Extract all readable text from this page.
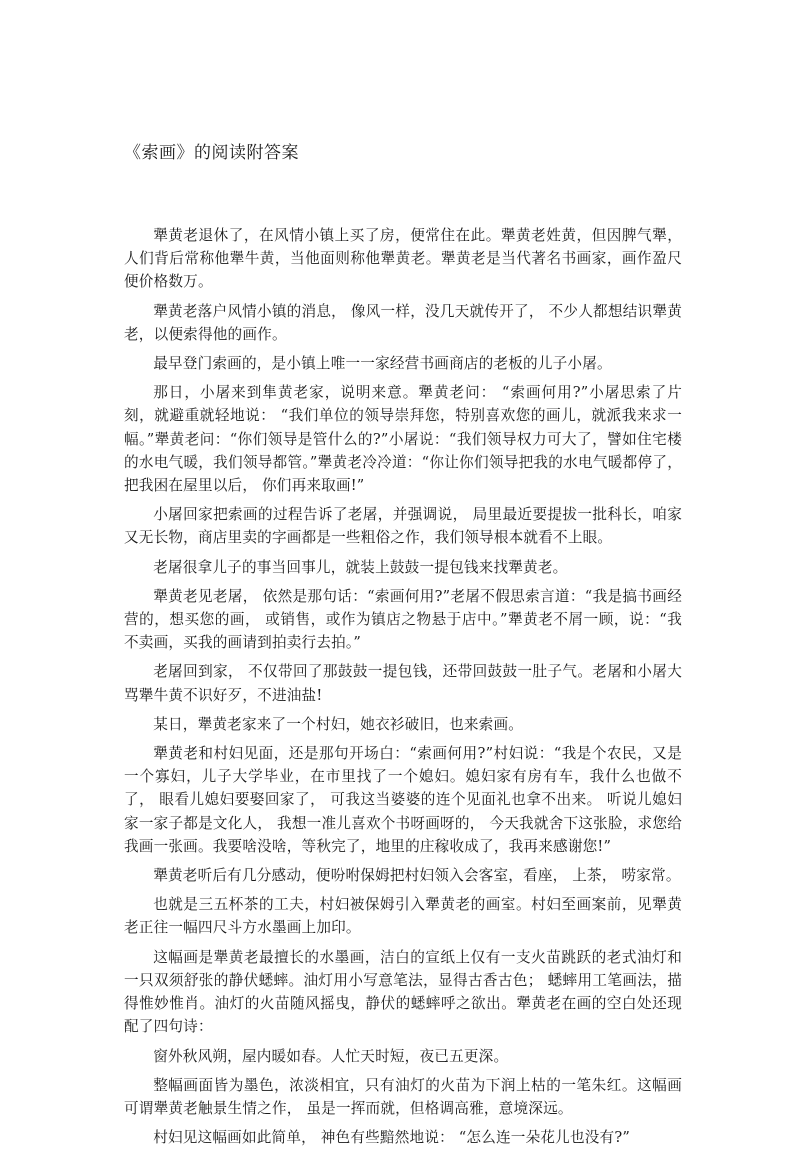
《索画》的阅读附答案

犟黄老退休了，在风情小镇上买了房，便常住在此。犟黄老姓黄，但因脾气犟，人们背后常称他犟牛黄，当他面则称他犟黄老。犟黄老是当代著名书画家，画作盈尺便价格数万。

犟黄老落户风情小镇的消息， 像风一样，没几天就传开了， 不少人都想结识犟黄老，以便索得他的画作。

最早登门索画的，是小镇上唯一一家经营书画商店的老板的儿子小屠。

那日，小屠来到隼黄老家，说明来意。犟黄老问： “索画何用?”小屠思索了片刻，就避重就轻地说： “我们单位的领导崇拜您，特别喜欢您的画儿，就派我来求一幅。”犟黄老问：“你们领导是管什么的?”小屠说：“我们领导权力可大了，譬如住宅楼的水电气暖，我们领导都管。”犟黄老冷冷道：“你让你们领导把我的水电气暖都停了， 把我困在屋里以后， 你们再来取画!”

小屠回家把索画的过程告诉了老屠，并强调说， 局里最近要提拔一批科长，咱家又无长物，商店里卖的字画都是一些粗俗之作，我们领导根本就看不上眼。

老屠很拿儿子的事当回事儿，就装上鼓鼓一提包钱来找犟黄老。

犟黄老见老屠， 依然是那句话：“索画何用?”老屠不假思索言道：“我是搞书画经营的，想买您的画， 或销售，或作为镇店之物悬于店中。”犟黄老不屑一顾，说：“我不卖画，买我的画请到拍卖行去拍。”

老屠回到家， 不仅带回了那鼓鼓一提包钱，还带回鼓鼓一肚子气。老屠和小屠大骂犟牛黄不识好歹，不进油盐!

某日，犟黄老家来了一个村妇，她衣衫破旧，也来索画。

犟黄老和村妇见面，还是那句开场白：“索画何用?”村妇说：“我是个农民，又是一个寡妇，儿子大学毕业，在市里找了一个媳妇。媳妇家有房有车，我什么也做不了， 眼看儿媳妇要娶回家了， 可我这当婆婆的连个见面礼也拿不出来。 听说儿媳妇家一家子都是文化人， 我想一准儿喜欢个书呀画呀的， 今天我就舍下这张脸，求您给我画一张画。我要啥没啥，等秋完了，地里的庄稼收成了，我再来感谢您!”

犟黄老听后有几分感动，便吩咐保姆把村妇领入会客室，看座， 上茶， 唠家常。

也就是三五杯茶的工夫，村妇被保姆引入犟黄老的画室。村妇至画案前，见犟黄老正往一幅四尺斗方水墨画上加印。

这幅画是犟黄老最擅长的水墨画，洁白的宣纸上仅有一支火苗跳跃的老式油灯和一只双须舒张的静伏蟋蟀。油灯用小写意笔法，显得古香古色； 蟋蟀用工笔画法，描得惟妙惟肖。油灯的火苗随风摇曳，静伏的蟋蟀呼之欲出。犟黄老在画的空白处还现配了四句诗：

窗外秋风朔，屋内暖如春。人忙天时短，夜已五更深。

整幅画面皆为墨色，浓淡相宜，只有油灯的火苗为下润上枯的一笔朱红。这幅画可谓犟黄老触景生情之作， 虽是一挥而就，但格调高雅，意境深远。

村妇见这幅画如此简单， 神色有些黯然地说： “怎么连一朵花儿也没有?”
